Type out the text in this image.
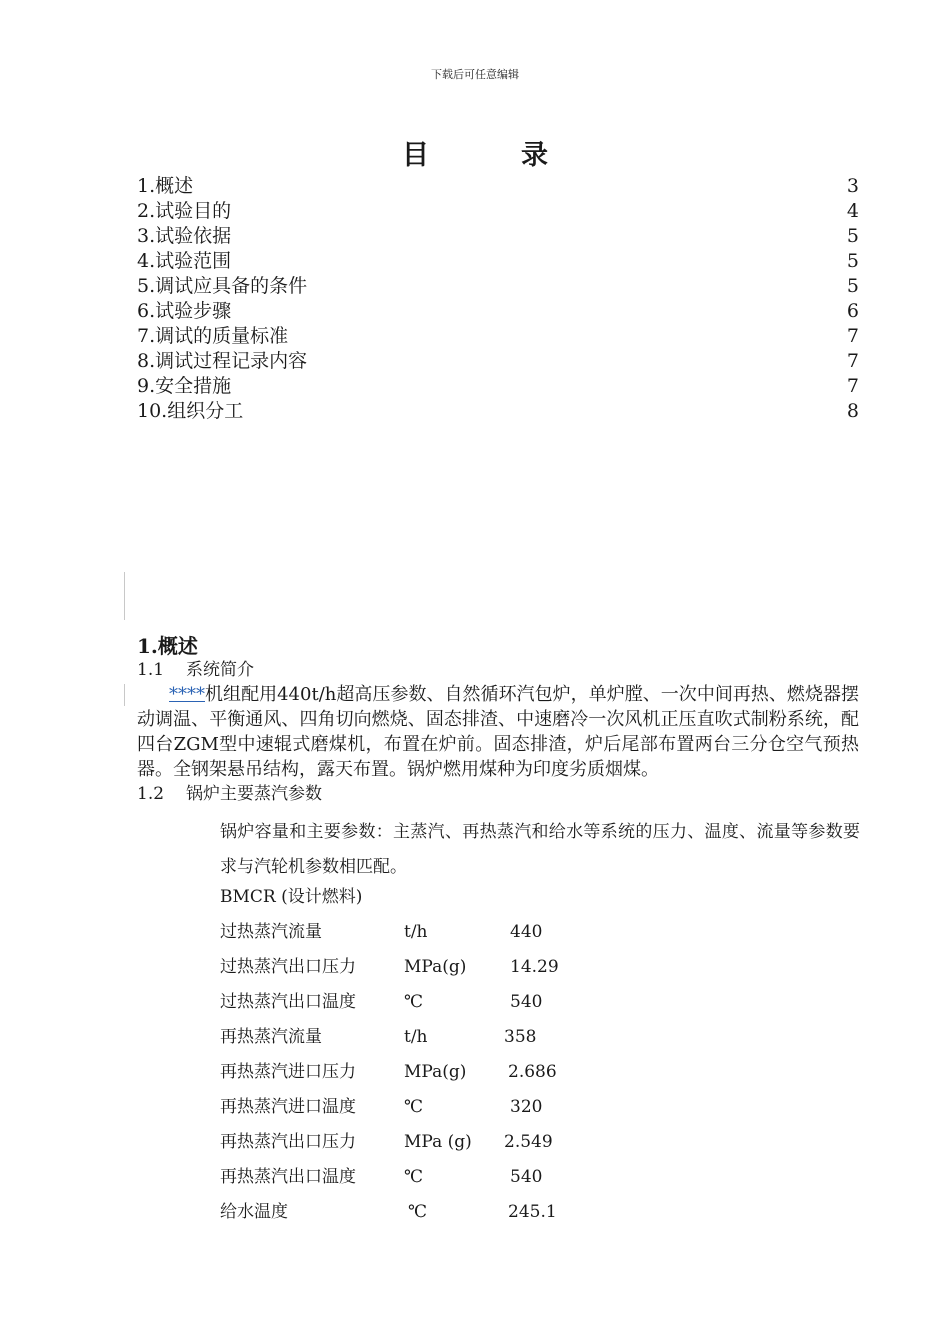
下载后可任意编辑
目	录
1.概述	3
2.试验目的	4
3.试验依据	5
4.试验范围	5
5.调试应具备的条件	5
6.试验步骤	6
7.调试的质量标准	7
8.调试过程记录内容	7
9.安全措施	7
10.组织分工	8
1.概述
1.1 系统简介
****机组配用440t/h超高压参数、自然循环汽包炉，单炉膛、一次中间再热、燃烧器摆动调温、平衡通风、四角切向燃烧、固态排渣、中速磨冷一次风机正压直吹式制粉系统，配四台ZGM型中速辊式磨煤机，布置在炉前。固态排渣，炉后尾部布置两台三分仓空气预热器。全钢架悬吊结构，露天布置。锅炉燃用煤种为印度劣质烟煤。
1.2 锅炉主要蒸汽参数
锅炉容量和主要参数：主蒸汽、再热蒸汽和给水等系统的压力、温度、流量等参数要求与汽轮机参数相匹配。
BMCR (设计燃料)
过热蒸汽流量	t/h	440
过热蒸汽出口压力	MPa(g)	14.29
过热蒸汽出口温度	℃	540
再热蒸汽流量	t/h	358
再热蒸汽进口压力	MPa(g) 2.686
再热蒸汽进口温度	℃	320
再热蒸汽出口压力	MPa (g) 2.549
再热蒸汽出口温度	℃	540
给水温度	℃	245.1
